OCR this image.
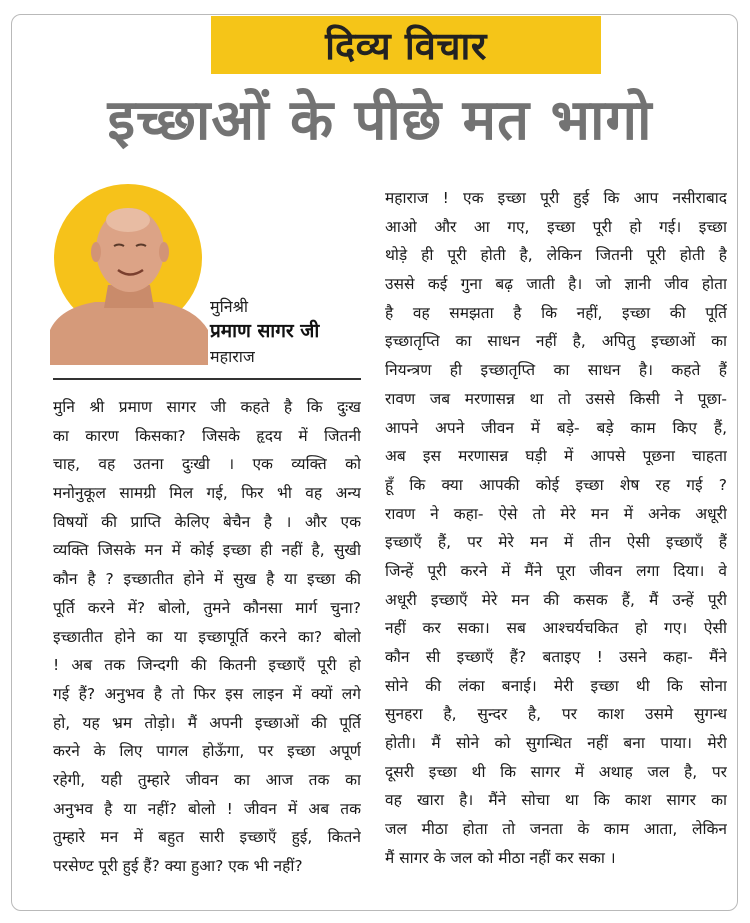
दिव्य विचार
इच्छाओं के पीछे मत भागो
मुनिश्री
प्रमाण सागर जी
महाराज
मुनि श्री प्रमाण सागर जी कहते है कि दुःख
का कारण किसका? जिसके हृदय में जितनी
चाह, वह उतना दुःखी । एक व्यक्ति को
मनोनुकूल सामग्री मिल गई, फिर भी वह अन्य
विषयों की प्राप्ति केलिए बेचैन है । और एक
व्यक्ति जिसके मन में कोई इच्छा ही नहीं है, सुखी
कौन है ? इच्छातीत होने में सुख है या इच्छा की
पूर्ति करने में? बोलो, तुमने कौनसा मार्ग चुना?
इच्छातीत होने का या इच्छापूर्ति करने का? बोलो
! अब तक जिन्दगी की कितनी इच्छाएँ पूरी हो
गई हैं? अनुभव है तो फिर इस लाइन में क्यों लगे
हो, यह भ्रम तोड़ो। मैं अपनी इच्छाओं की पूर्ति
करने के लिए पागल होऊँगा, पर इच्छा अपूर्ण
रहेगी, यही तुम्हारे जीवन का आज तक का
अनुभव है या नहीं? बोलो ! जीवन में अब तक
तुम्हारे मन में बहुत सारी इच्छाएँ हुई, कितने
परसेण्ट पूरी हुई हैं? क्या हुआ? एक भी नहीं?
महाराज ! एक इच्छा पूरी हुई कि आप नसीराबाद
आओ और आ गए, इच्छा पूरी हो गई। इच्छा
थोड़े ही पूरी होती है, लेकिन जितनी पूरी होती है
उससे कई गुना बढ़ जाती है। जो ज्ञानी जीव होता
है वह समझता है कि नहीं, इच्छा की पूर्ति
इच्छातृप्ति का साधन नहीं है, अपितु इच्छाओं का
नियन्त्रण ही इच्छातृप्ति का साधन है। कहते हैं
रावण जब मरणासन्न था तो उससे किसी ने पूछा-
आपने अपने जीवन में बड़े- बड़े काम किए हैं,
अब इस मरणासन्न घड़ी में आपसे पूछना चाहता
हूँ कि क्या आपकी कोई इच्छा शेष रह गई ?
रावण ने कहा- ऐसे तो मेरे मन में अनेक अधूरी
इच्छाएँ हैं, पर मेरे मन में तीन ऐसी इच्छाएँ हैं
जिन्हें पूरी करने में मैंने पूरा जीवन लगा दिया। वे
अधूरी इच्छाएँ मेरे मन की कसक हैं, मैं उन्हें पूरी
नहीं कर सका। सब आश्चर्यचकित हो गए। ऐसी
कौन सी इच्छाएँ हैं? बताइए ! उसने कहा- मैंने
सोने की लंका बनाई। मेरी इच्छा थी कि सोना
सुनहरा है, सुन्दर है, पर काश उसमे सुगन्ध
होती। मैं सोने को सुगन्धित नहीं बना पाया। मेरी
दूसरी इच्छा थी कि सागर में अथाह जल है, पर
वह खारा है। मैंने सोचा था कि काश सागर का
जल मीठा होता तो जनता के काम आता, लेकिन
मैं सागर के जल को मीठा नहीं कर सका ।
